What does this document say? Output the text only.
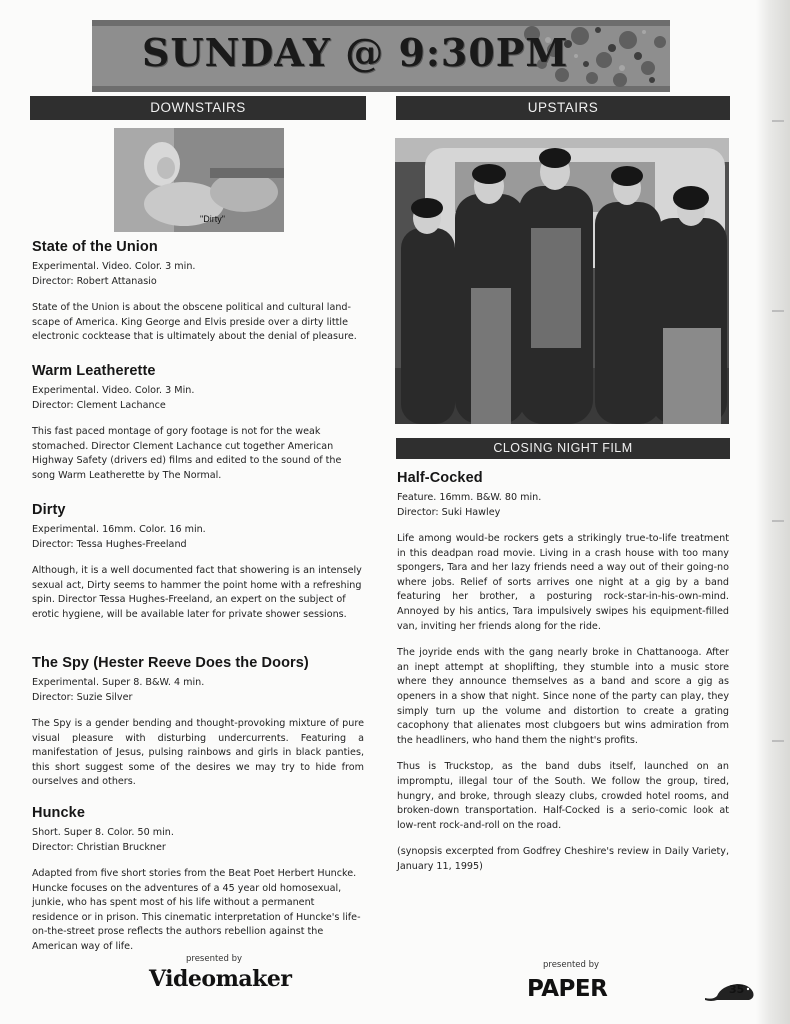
SUNDAY @ 9:30PM
DOWNSTAIRS	UPSTAIRS
"Dirty"
CLOSING NIGHT FILM
State of the Union
Experimental. Video. Color. 3 min.
Director: Robert Attanasio
State of the Union is about the obscene political and cultural land-scape of America. King George and Elvis preside over a dirty little electronic cocktease that is ultimately about the denial of pleasure.
Warm Leatherette
Experimental. Video. Color. 3 Min.
Director: Clement Lachance
This fast paced montage of gory footage is not for the weak stomached. Director Clement Lachance cut together American Highway Safety (drivers ed) films and edited to the sound of the song Warm Leatherette by The Normal.
Dirty
Experimental. 16mm. Color. 16 min.
Director: Tessa Hughes-Freeland
Although, it is a well documented fact that showering is an intensely sexual act, Dirty seems to hammer the point home with a refreshing spin. Director Tessa Hughes-Freeland, an expert on the subject of erotic hygiene, will be available later for private shower sessions.
The Spy (Hester Reeve Does the Doors)
Experimental. Super 8. B&W. 4 min.
Director: Suzie Silver
The Spy is a gender bending and thought-provoking mixture of pure visual pleasure with disturbing undercurrents. Featuring a manifestation of Jesus, pulsing rainbows and girls in black panties, this short suggest some of the desires we may try to hide from ourselves and others.
Huncke
Short. Super 8. Color. 50 min.
Director: Christian Bruckner
Adapted from five short stories from the Beat Poet Herbert Huncke. Huncke focuses on the adventures of a 45 year old homosexual, junkie, who has spent most of his life without a permanent residence or in prison. This cinematic interpretation of Huncke's life-on-the-street prose reflects the authors rebellion against the American way of life.
presented by
Videomaker
Half-Cocked
Feature. 16mm. B&W. 80 min.
Director: Suki Hawley
Life among would-be rockers gets a strikingly true-to-life treatment in this deadpan road movie. Living in a crash house with too many spongers, Tara and her lazy friends need a way out of their going-no where jobs. Relief of sorts arrives one night at a gig by a band featuring her brother, a posturing rock-star-in-his-own-mind. Annoyed by his antics, Tara impulsively swipes his equipment-filled van, inviting her friends along for the ride.
The joyride ends with the gang nearly broke in Chattanooga. After an inept attempt at shoplifting, they stumble into a music store where they announce themselves as a band and score a gig as openers in a show that night. Since none of the party can play, they simply turn up the volume and distortion to create a grating cacophony that alienates most clubgoers but wins admiration from the headliners, who hand them the night's profits.
Thus is Truckstop, as the band dubs itself, launched on an impromptu, illegal tour of the South. We follow the group, tired, hungry, and broke, through sleazy clubs, crowded hotel rooms, and broken-down transportation. Half-Cocked is a serio-comic look at low-rent rock-and-roll on the road.
(synopsis excerpted from Godfrey Cheshire's review in Daily Variety, January 11, 1995)
presented by
PAPER	35
